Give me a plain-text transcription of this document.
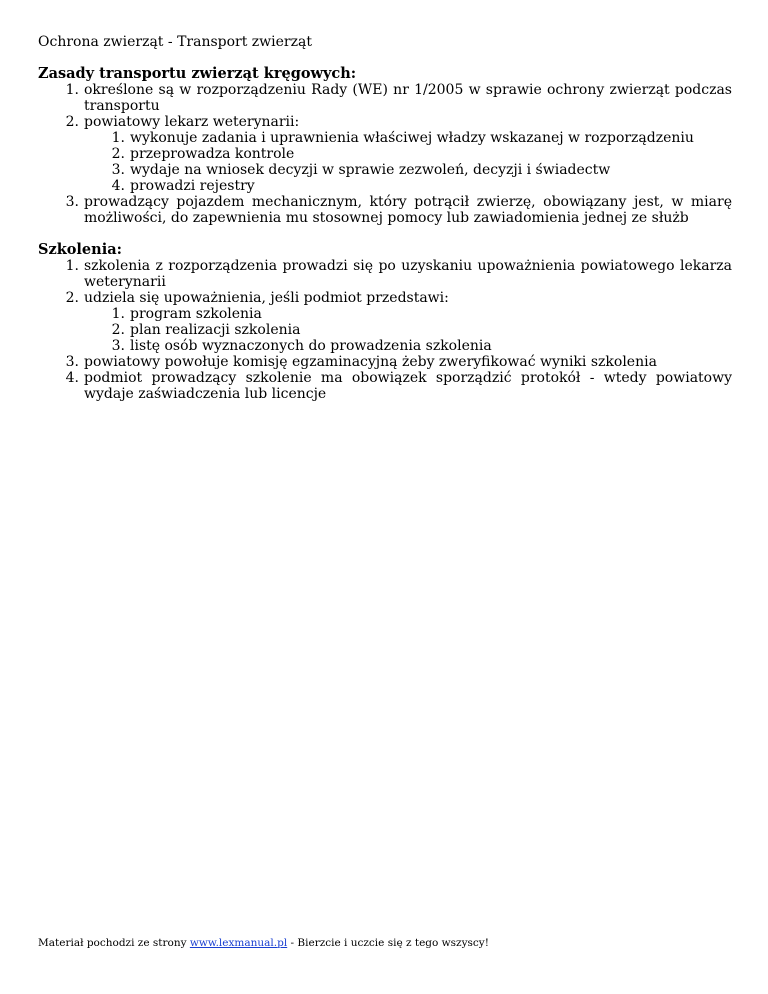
Ochrona zwierząt - Transport zwierząt

Zasady transportu zwierząt kręgowych:

1. określone są w rozporządzeniu Rady (WE) nr 1/2005 w sprawie ochrony zwierząt podczas transportu
2. powiatowy lekarz weterynarii:
1. wykonuje zadania i uprawnienia właściwej władzy wskazanej w rozporządzeniu
2. przeprowadza kontrole
3. wydaje na wniosek decyzji w sprawie zezwoleń, decyzji i świadectw
4. prowadzi rejestry
3. prowadzący pojazdem mechanicznym, który potrącił zwierzę, obowiązany jest, w miarę możliwości, do zapewnienia mu stosownej pomocy lub zawiadomienia jednej ze służb

Szkolenia:

1. szkolenia z rozporządzenia prowadzi się po uzyskaniu upoważnienia powiatowego lekarza weterynarii
2. udziela się upoważnienia, jeśli podmiot przedstawi:
1. program szkolenia
2. plan realizacji szkolenia
3. listę osób wyznaczonych do prowadzenia szkolenia
3. powiatowy powołuje komisję egzaminacyjną żeby zweryfikować wyniki szkolenia
4. podmiot prowadzący szkolenie ma obowiązek sporządzić protokół - wtedy powiatowy wydaje zaświadczenia lub licencje
Materiał pochodzi ze strony www.lexmanual.pl - Bierzcie i uczcie się z tego wszyscy!
